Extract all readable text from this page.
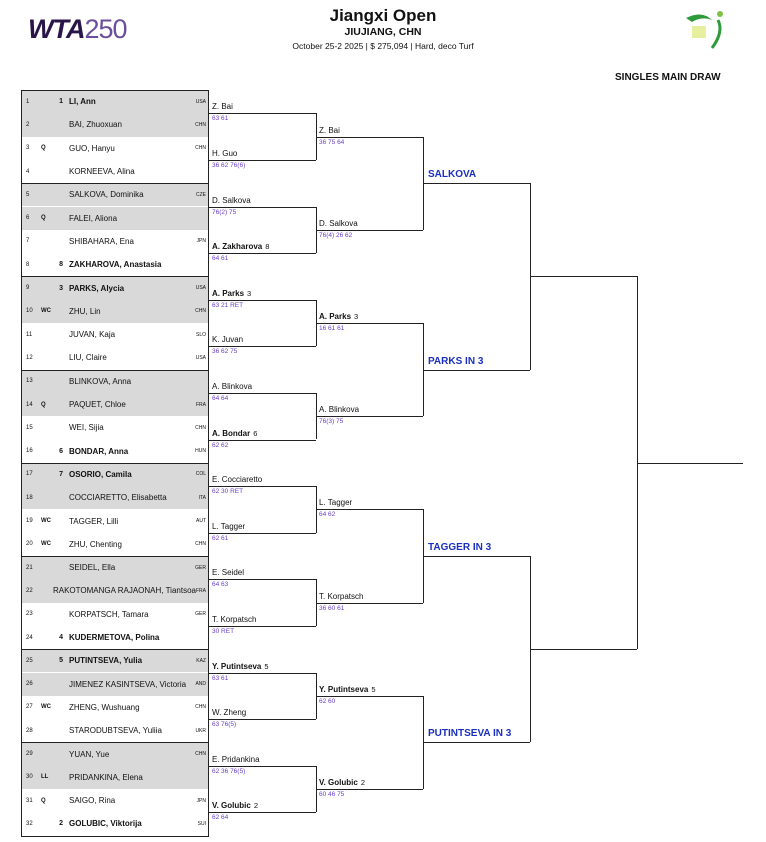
WTA250	Jiangxi Open
JIUJIANG, CHN
October 25-2 2025 | $ 275,094 | Hard, deco Turf
SINGLES MAIN DRAW
1	1 LI, Ann	USA
2	BAI, Zhuoxuan	CHN
3	Q	GUO, Hanyu	CHN
4	KORNEEVA, Alina
5	SALKOVA, Dominika	CZE
6	Q	FALEI, Aliona
7	SHIBAHARA, Ena	JPN
8	8 ZAKHAROVA, Anastasia
9	3 PARKS, Alycia	USA
10	WC	ZHU, Lin	CHN
11	JUVAN, Kaja	SLO
12	LIU, Claire	USA
13	BLINKOVA, Anna
14	Q	PAQUET, Chloe	FRA
15	WEI, Sijia	CHN
16	6 BONDAR, Anna	HUN
17	7 OSORIO, Camila	COL
18	COCCIARETTO, Elisabetta	ITA
19	WC	TAGGER, Lilli	AUT
20	WC	ZHU, Chenting	CHN
21	SEIDEL, Ella	GER
22	RAKOTOMANGA RAJAONAH, Tiantsoa FRA
23	KORPATSCH, Tamara	GER
24	4 KUDERMETOVA, Polina
25	5 PUTINTSEVA, Yulia	KAZ
26	JIMENEZ KASINTSEVA, Victoria	AND
27	WC	ZHENG, Wushuang	CHN
28	STARODUBTSEVA, Yuliia	UKR
29	YUAN, Yue	CHN
30	LL	PRIDANKINA, Elena
31	Q	SAIGO, Rina	JPN
32	2 GOLUBIC, Viktorija	SUI
Z. Bai
63 61
H. Guo
36 62 76(6)
D. Salkova
76(2) 75
A. Zakharova 8
64 61
A. Parks 3
63 21 RET
K. Juvan
36 62 75
A. Blinkova
64 64
A. Bondar 6
62 62
E. Cocciaretto
62 30 RET
L. Tagger
62 61
E. Seidel
64 63
T. Korpatsch
30 RET
Y. Putintseva 5
63 61
W. Zheng
63 76(5)
E. Pridankina
62 36 76(5)
V. Golubic 2
62 64
Z. Bai
36 75 64
D. Salkova
76(4) 26 62
A. Parks 3
16 61 61
A. Blinkova
76(3) 75
L. Tagger
64 62
T. Korpatsch
36 60 61
Y. Putintseva 5
62 60
V. Golubic 2
60 46 75
SALKOVA
PARKS IN 3
TAGGER IN 3
PUTINTSEVA IN 3
